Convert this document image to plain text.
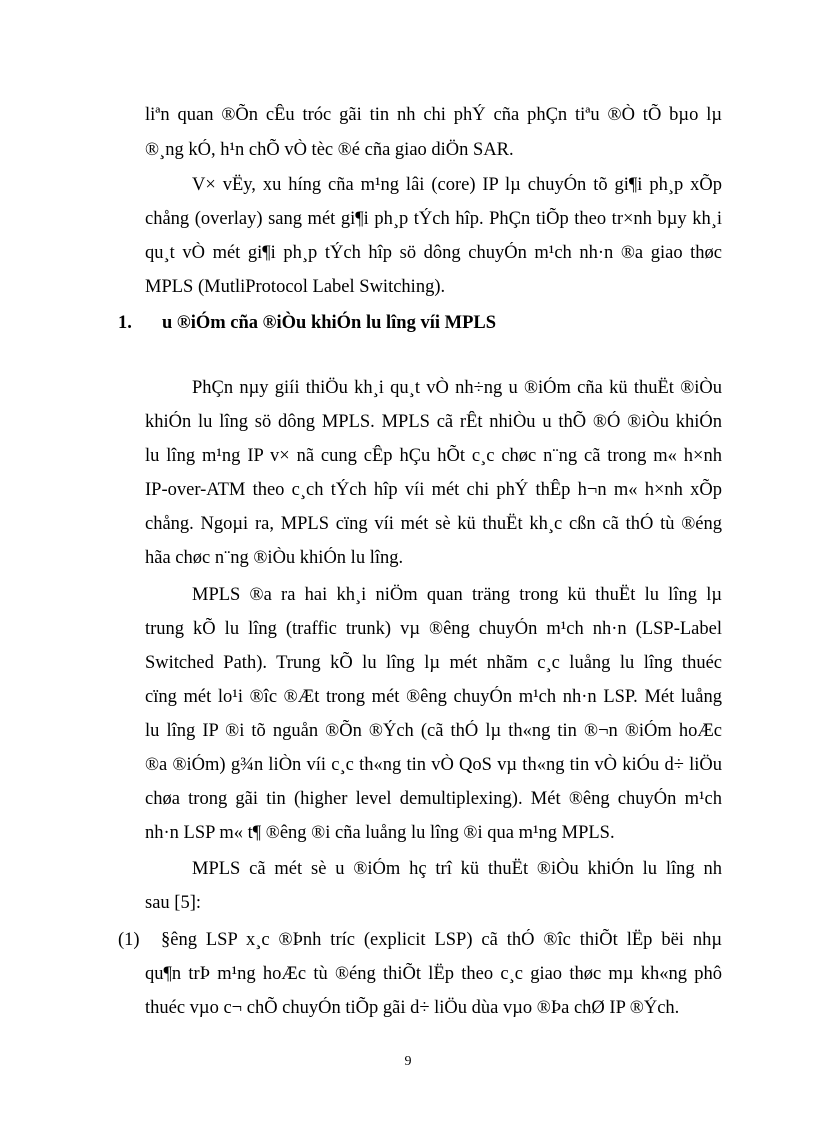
liªn quan ®Õn cÊu tróc gãi tin nh chi phÝ cña phÇn tiªu ®Ò tÕ bµo lµ
®¸ng kÓ, h¹n chÕ vÒ tèc ®é cña giao diÖn SAR.
V× vËy, xu híng cña m¹ng lâi (core) IP lµ chuyÓn tõ gi¶i ph¸p xÕp
chång (overlay) sang mét gi¶i ph¸p tÝch hîp. PhÇn tiÕp theo tr×nh bµy kh¸i
qu¸t vÒ mét gi¶i ph¸p tÝch hîp sö dông chuyÓn m¹ch nh·n ®a giao thøc
MPLS (MutliProtocol Label Switching).
1. u ®iÓm cña ®iÒu khiÓn lu lîng víi MPLS
PhÇn nµy giíi thiÖu kh¸i qu¸t vÒ nh÷ng u ®iÓm cña kü thuËt ®iÒu
khiÓn lu lîng sö dông MPLS. MPLS cã rÊt nhiÒu u thÕ ®Ó ®iÒu khiÓn
lu lîng m¹ng IP v× nã cung cÊp hÇu hÕt c¸c chøc n¨ng cã trong m« h×nh
IP-over-ATM theo c¸ch tÝch hîp víi mét chi phÝ thÊp h¬n m« h×nh xÕp
chång. Ngoµi ra, MPLS cïng víi mét sè kü thuËt kh¸c cßn cã thÓ tù ®éng
hãa chøc n¨ng ®iÒu khiÓn lu lîng.
MPLS ®a ra hai kh¸i niÖm quan träng trong kü thuËt lu lîng lµ
trung kÕ lu lîng (traffic trunk) vµ ®êng chuyÓn m¹ch nh·n (LSP-Label
Switched Path). Trung kÕ lu lîng lµ mét nhãm c¸c luång lu lîng thuéc
cïng mét lo¹i ®îc ®Æt trong mét ®êng chuyÓn m¹ch nh·n LSP. Mét luång
lu lîng IP ®i tõ nguån ®Õn ®Ých (cã thÓ lµ th«ng tin ®¬n ®iÓm hoÆc
®a ®iÓm) g¾n liÒn víi c¸c th«ng tin vÒ QoS vµ th«ng tin vÒ kiÓu d÷ liÖu
chøa trong gãi tin (higher level demultiplexing). Mét ®êng chuyÓn m¹ch
nh·n LSP m« t¶ ®êng ®i cña luång lu lîng ®i qua m¹ng MPLS.
MPLS cã mét sè u ®iÓm hç trî kü thuËt ®iÒu khiÓn lu lîng nh
sau [5]:
(1) §êng LSP x¸c ®Þnh tríc (explicit LSP) cã thÓ ®îc thiÕt lËp bëi nhµ
qu¶n trÞ m¹ng hoÆc tù ®éng thiÕt lËp theo c¸c giao thøc mµ kh«ng phô
thuéc vµo c¬ chÕ chuyÓn tiÕp gãi d÷ liÖu dùa vµo ®Þa chØ IP ®Ých.
9
